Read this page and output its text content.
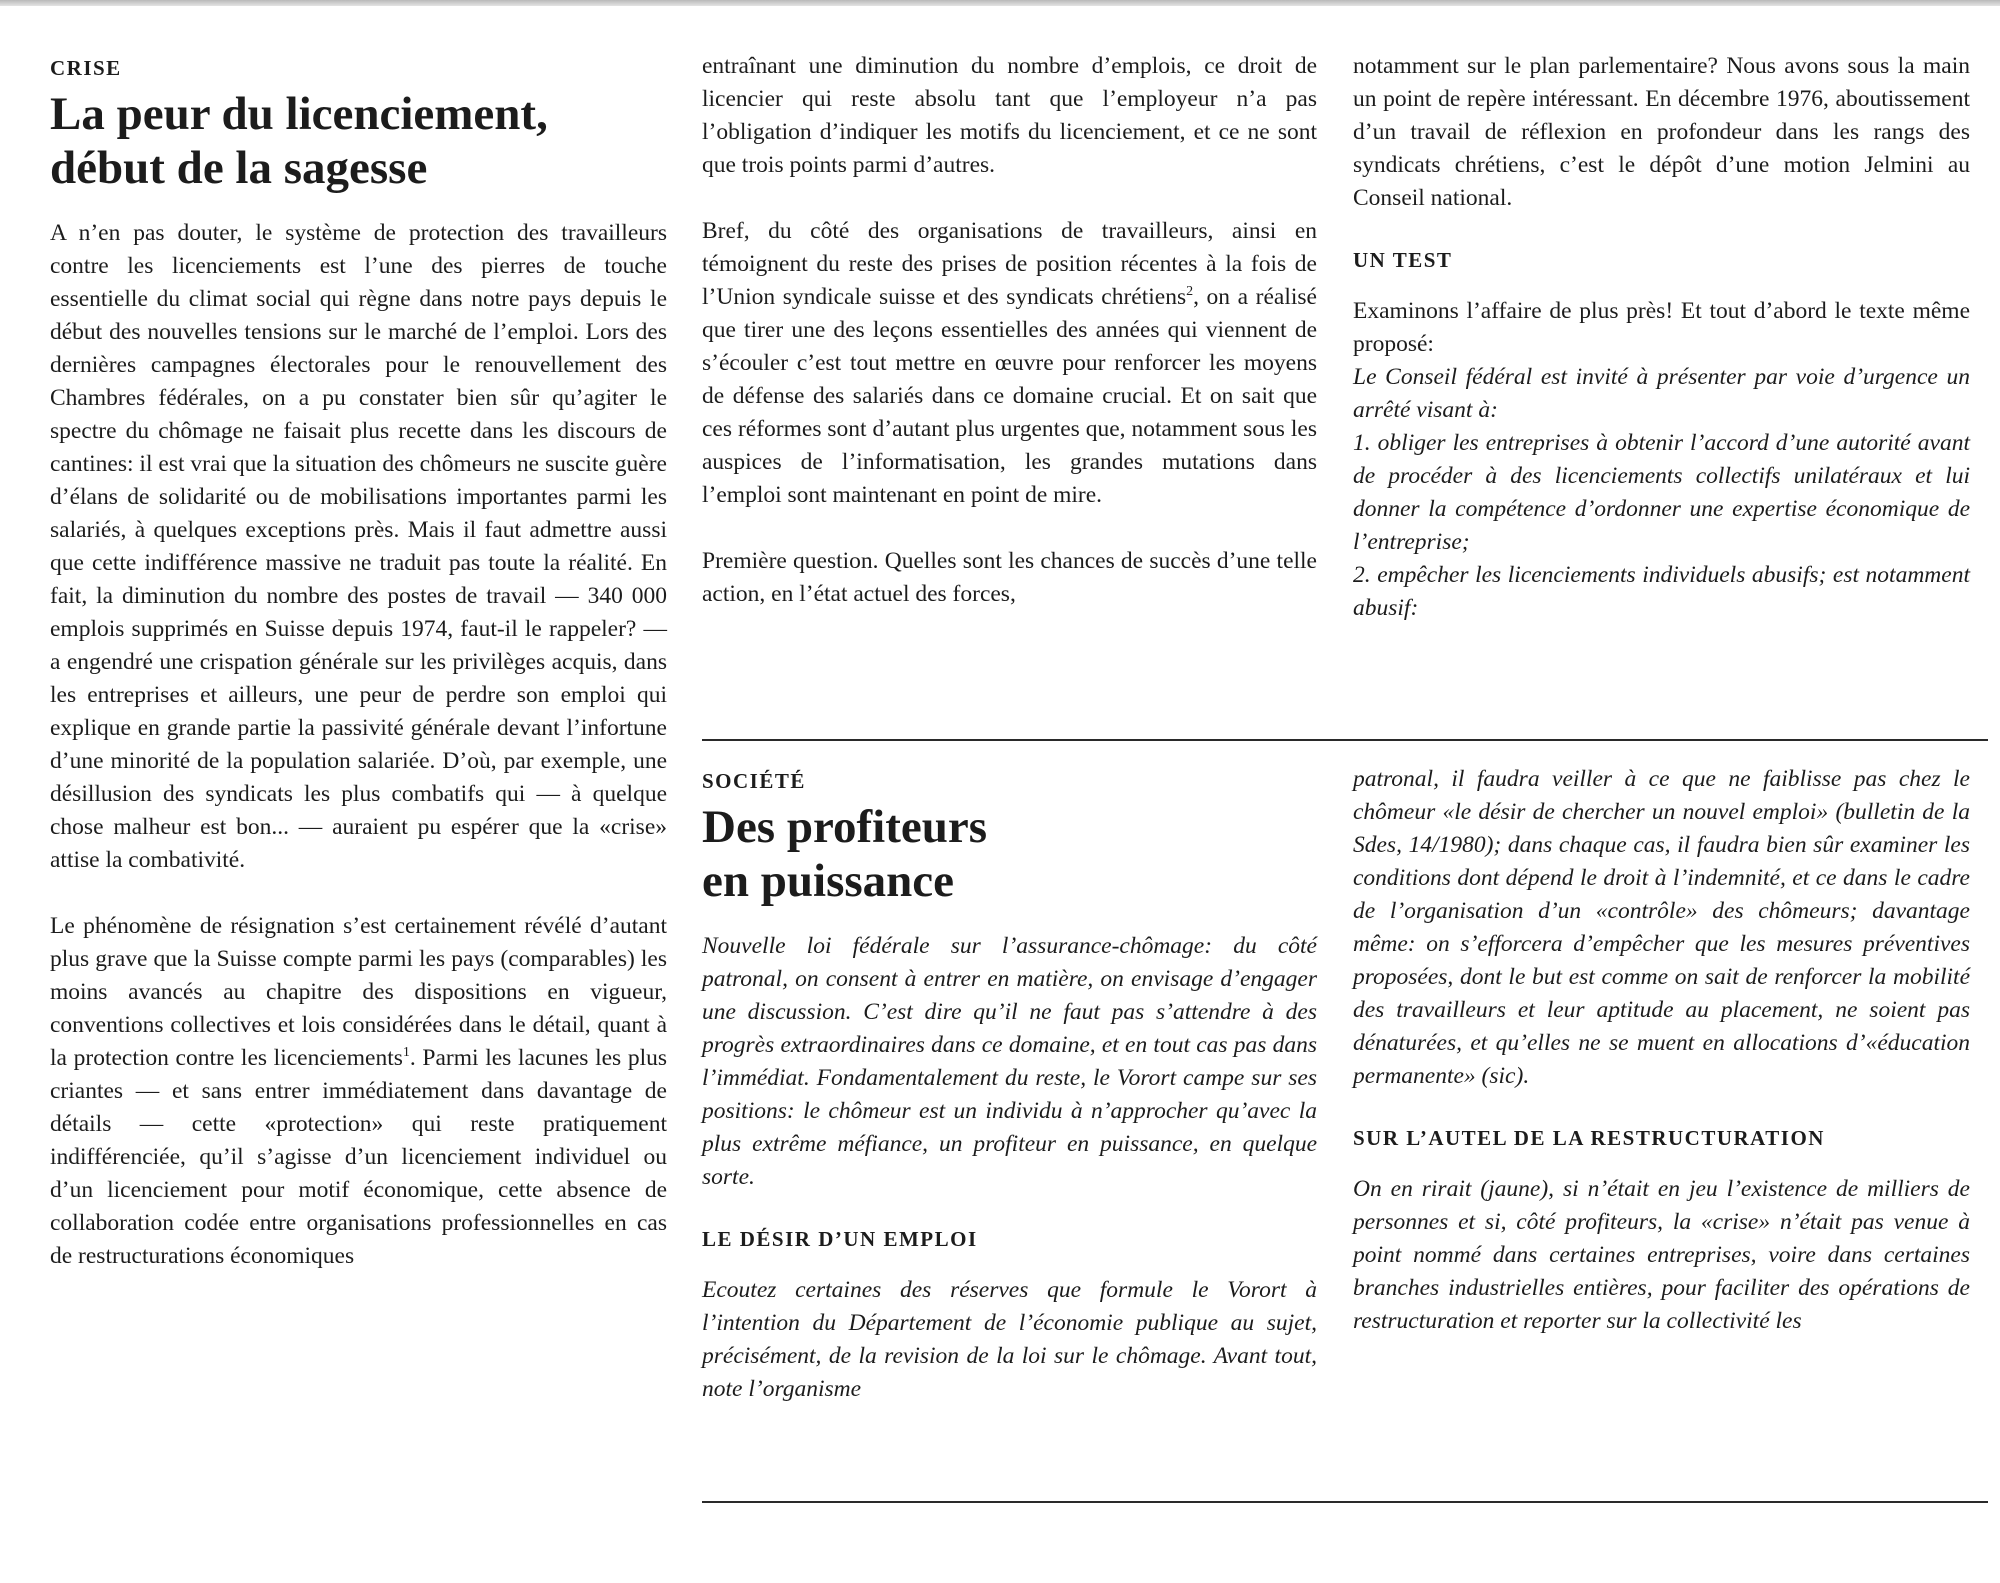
CRISE
La peur du licenciement,
début de la sagesse

A n’en pas douter, le système de protection des travailleurs contre les licenciements est l’une des pierres de touche essentielle du climat social qui règne dans notre pays depuis le début des nouvelles tensions sur le marché de l’emploi. Lors des dernières campagnes électorales pour le renouvellement des Chambres fédérales, on a pu constater bien sûr qu’agiter le spectre du chômage ne faisait plus recette dans les discours de cantines: il est vrai que la situation des chômeurs ne suscite guère d’élans de solidarité ou de mobilisations importantes parmi les salariés, à quelques exceptions près. Mais il faut admettre aussi que cette indifférence massive ne traduit pas toute la réalité. En fait, la diminution du nombre des postes de travail — 340 000 emplois supprimés en Suisse depuis 1974, faut-il le rappeler? — a engendré une crispation générale sur les privilèges acquis, dans les entreprises et ailleurs, une peur de perdre son emploi qui explique en grande partie la passivité générale devant l’infortune d’une minorité de la population salariée. D’où, par exemple, une désillusion des syndicats les plus combatifs qui — à quelque chose malheur est bon... — auraient pu espérer que la «crise» attise la combativité.

Le phénomène de résignation s’est certainement révélé d’autant plus grave que la Suisse compte parmi les pays (comparables) les moins avancés au chapitre des dispositions en vigueur, conventions collectives et lois considérées dans le détail, quant à la protection contre les licenciements$^1$. Parmi les lacunes les plus criantes — et sans entrer immédiatement dans davantage de détails — cette «protection» qui reste pratiquement indifférenciée, qu’il s’agisse d’un licenciement individuel ou d’un licenciement pour motif économique, cette absence de collaboration codée entre organisations professionnelles en cas de restructurations économiques

entraînant une diminution du nombre d’emplois, ce droit de licencier qui reste absolu tant que l’employeur n’a pas l’obligation d’indiquer les motifs du licenciement, et ce ne sont que trois points parmi d’autres.

Bref, du côté des organisations de travailleurs, ainsi en témoignent du reste des prises de position récentes à la fois de l’Union syndicale suisse et des syndicats chrétiens$^2$, on a réalisé que tirer une des leçons essentielles des années qui viennent de s’écouler c’est tout mettre en œuvre pour renforcer les moyens de défense des salariés dans ce domaine crucial. Et on sait que ces réformes sont d’autant plus urgentes que, notamment sous les auspices de l’informatisation, les grandes mutations dans l’emploi sont maintenant en point de mire.

Première question. Quelles sont les chances de succès d’une telle action, en l’état actuel des forces,

notamment sur le plan parlementaire? Nous avons sous la main un point de repère intéressant. En décembre 1976, aboutissement d’un travail de réflexion en profondeur dans les rangs des syndicats chrétiens, c’est le dépôt d’une motion Jelmini au Conseil national.

UN TEST

Examinons l’affaire de plus près! Et tout d’abord le texte même proposé:

Le Conseil fédéral est invité à présenter par voie d’urgence un arrêté visant à:

1. obliger les entreprises à obtenir l’accord d’une autorité avant de procéder à des licenciements collectifs unilatéraux et lui donner la compétence d’ordonner une expertise économique de l’entreprise;

2. empêcher les licenciements individuels abusifs; est notamment abusif:

SOCIÉTÉ
Des profiteurs
en puissance

Nouvelle loi fédérale sur l’assurance-chômage: du côté patronal, on consent à entrer en matière, on envisage d’engager une discussion. C’est dire qu’il ne faut pas s’attendre à des progrès extraordinaires dans ce domaine, et en tout cas pas dans l’immédiat. Fondamentalement du reste, le Vorort campe sur ses positions: le chômeur est un individu à n’approcher qu’avec la plus extrême méfiance, un profiteur en puissance, en quelque sorte.

LE DÉSIR D’UN EMPLOI

Ecoutez certaines des réserves que formule le Vorort à l’intention du Département de l’économie publique au sujet, précisément, de la revision de la loi sur le chômage. Avant tout, note l’organisme

patronal, il faudra veiller à ce que ne faiblisse pas chez le chômeur «le désir de chercher un nouvel emploi» (bulletin de la Sdes, 14/1980); dans chaque cas, il faudra bien sûr examiner les conditions dont dépend le droit à l’indemnité, et ce dans le cadre de l’organisation d’un «contrôle» des chômeurs; davantage même: on s’efforcera d’empêcher que les mesures préventives proposées, dont le but est comme on sait de renforcer la mobilité des travailleurs et leur aptitude au placement, ne soient pas dénaturées, et qu’elles ne se muent en allocations d’«éducation permanente» (sic).

SUR L’AUTEL DE LA RESTRUCTURATION

On en rirait (jaune), si n’était en jeu l’existence de milliers de personnes et si, côté profiteurs, la «crise» n’était pas venue à point nommé dans certaines entreprises, voire dans certaines branches industrielles entières, pour faciliter des opérations de restructuration et reporter sur la collectivité les
